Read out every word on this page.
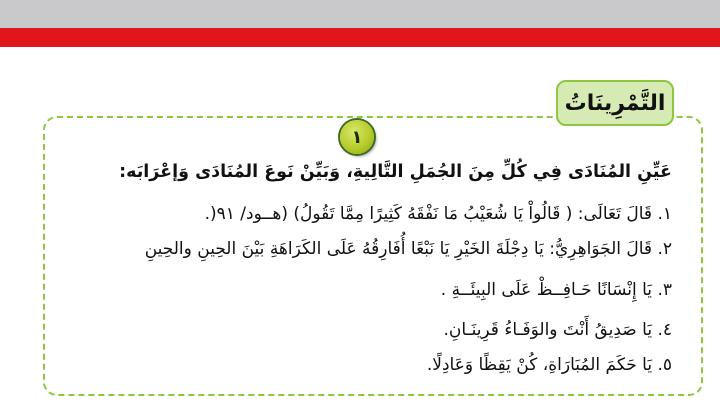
التَّمْرِينَاتُ
١
عَيِّنِ المُنَادَى فِي كُلِّ مِنَ الجُمَلِ التَّالِيةِ، وَبَيِّنْ نَوعَ المُنَادَى وَإعْرَابَه:
١. قَالَ تَعَالَى: ( قَالُواْ يَا شُعَيْبُ مَا نَفْقَهُ كَثِيرًا مِمَّا تَقُولُ) (هــود/ ٩١(.
٢. قَالَ الجَوَاهِرِيُّ: يَا دِجْلَةَ الخَيْرِ يَا نَبْعًا أُفَارِقُهُ عَلَى الكَرَاهَةِ بَيْنَ الحِينِ والحِينِ
٣. يَا إِنْسَانًا حَـافِــظْ عَلَى البِيئَــةِ .
٤. يَا صَدِيقُ أَنْتَ والوَفَـاءُ قَرِينَـانِ.
٥. يَا حَكَمَ المُبَارَاةِ، كُنْ يَقِظًا وَعَادِلًا.
